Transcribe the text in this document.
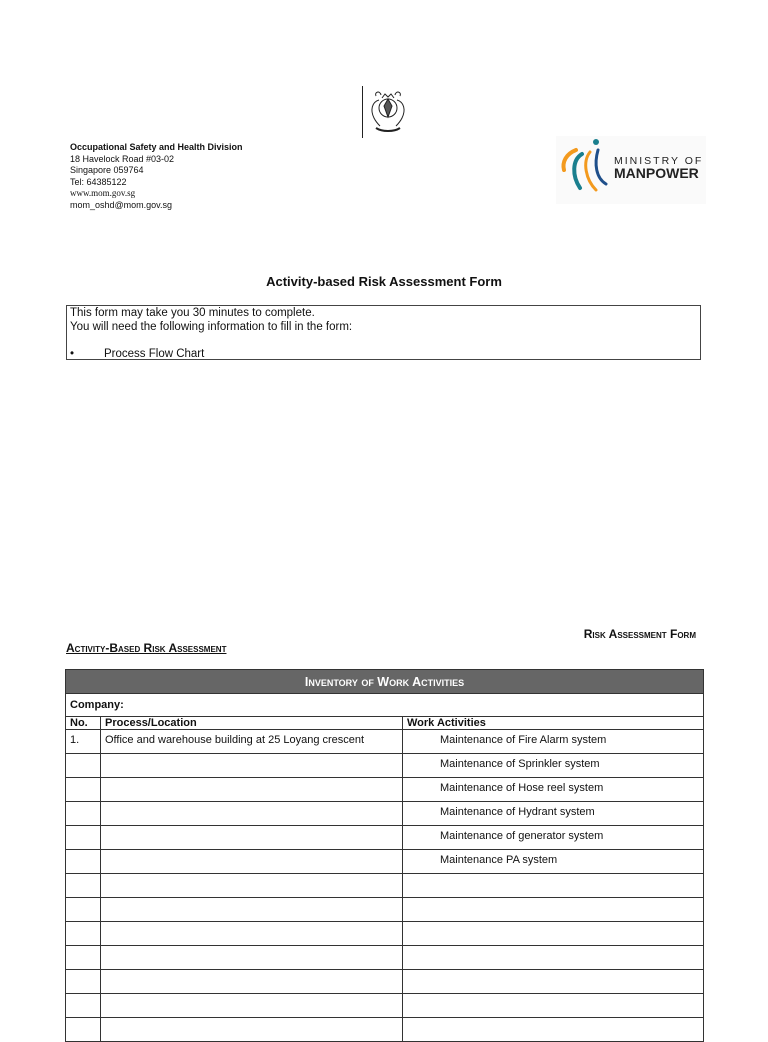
Occupational Safety and Health Division
18 Havelock Road #03-02
Singapore 059764
Tel: 64385122
www.mom.gov.sg
mom_oshd@mom.gov.sg
MINISTRY OF
MANPOWER
Activity-based Risk Assessment Form
This form may take you 30 minutes to complete.
You will need the following information to fill in the form:
•	Process Flow Chart
Risk Assessment Form
Activity-Based Risk Assessment
Inventory of Work Activities		
Company:		
No.	Process/Location	Work Activities
1.	Office and warehouse building at 25 Loyang crescent	Maintenance of Fire Alarm system
		Maintenance of Sprinkler system
		Maintenance of Hose reel system
		Maintenance of Hydrant system
		Maintenance of generator system
		Maintenance PA system
